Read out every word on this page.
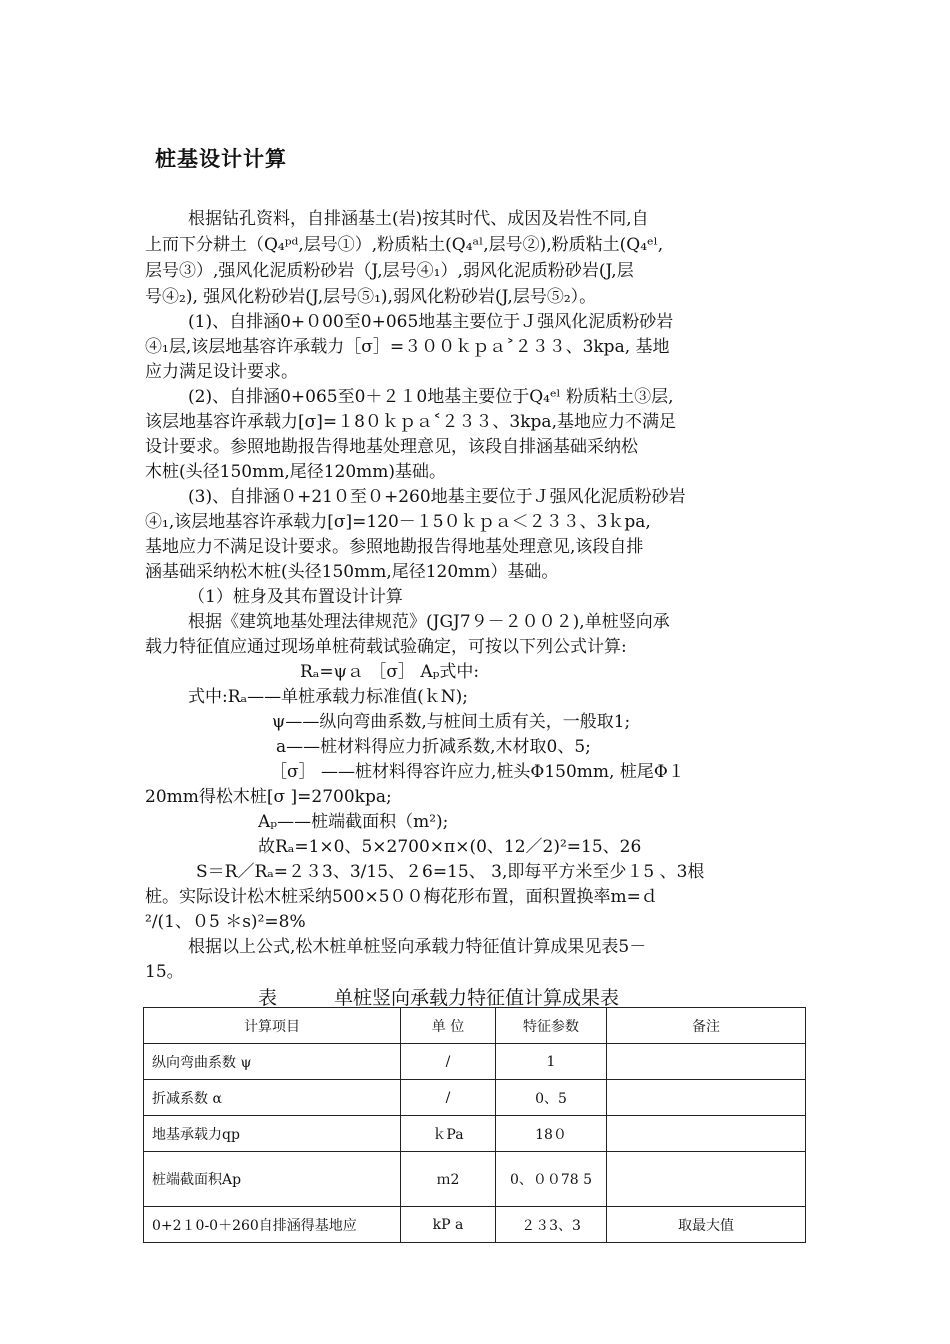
桩基设计计算
根据钻孔资料，自排涵基土(岩)按其时代、成因及岩性不同,自
上而下分耕土（Q₄ᵖᵈ,层号①）,粉质粘土(Q₄ᵃˡ,层号②),粉质粘土(Q₄ᵉˡ,
层号③）,强风化泥质粉砂岩（J,层号④₁）,弱风化泥质粉砂岩(J,层
号④₂), 强风化粉砂岩(J,层号⑤₁),弱风化粉砂岩(J,层号⑤₂）。
(1)、自排涵0+０00至0+065地基主要位于Ｊ强风化泥质粉砂岩
④₁层,该层地基容许承载力［σ］=３００ｋｐａ˃２３３、3kpa, 基地
应力满足设计要求。
(2)、自排涵0+065至0＋２１0地基主要位于Q₄ᵉˡ 粉质粘土③层,
该层地基容许承载力[σ]=１8０ｋｐａ˂２３３、3kpa,基地应力不满足
设计要求。参照地勘报告得地基处理意见，该段自排涵基础采纳松
木桩(头径150mm,尾径120mm)基础。
(3)、自排涵０+21０至０+260地基主要位于Ｊ强风化泥质粉砂岩
④₁,该层地基容许承载力[σ]=120－１5０ｋｐａ＜２３３、3ｋpa,
基地应力不满足设计要求。参照地勘报告得地基处理意见,该段自排
涵基础采纳松木桩(头径150mm,尾径120mm）基础。
（1）桩身及其布置设计计算
根据《建筑地基处理法律规范》(JGJ7９－２００２),单桩竖向承
载力特征值应通过现场单桩荷载试验确定，可按以下列公式计算:
Rₐ=ψａ ［σ］ Aₚ式中:
式中:Rₐ——单桩承载力标准值(ｋN);
ψ——纵向弯曲系数,与桩间土质有关，一般取1;
a——桩材料得应力折减系数,木材取0、5;
［σ］ ——桩材料得容许应力,桩头Φ150mm, 桩尾Φ１
20mm得松木桩[σ ]=2700kpa;
Aₚ——桩端截面积（m²);
故Rₐ=1×0、5×2700×π×(0、12／2)²=15、26
S＝R／Rₐ=２３3、3/15、２6=15、 3,即每平方米至少１5 、3根
桩。实际设计松木桩采纳500×5００梅花形布置，面积置换率m=ｄ
²/(1、０5 ＊s)²=8%
根据以上公式,松木桩单桩竖向承载力特征值计算成果见表5－
15。
表　　　单桩竖向承载力特征值计算成果表
计算项目	单 位	特征参数	备注
纵向弯曲系数 ψ	/	1	
折减系数 α	/	0、5	
地基承载力qp	ｋPa	18０	
桩端截面积Ap	ｍ2	0、００78 5	
0+2１0-0＋260自排涵得基地应	kP a	２３3、3	取最大值
